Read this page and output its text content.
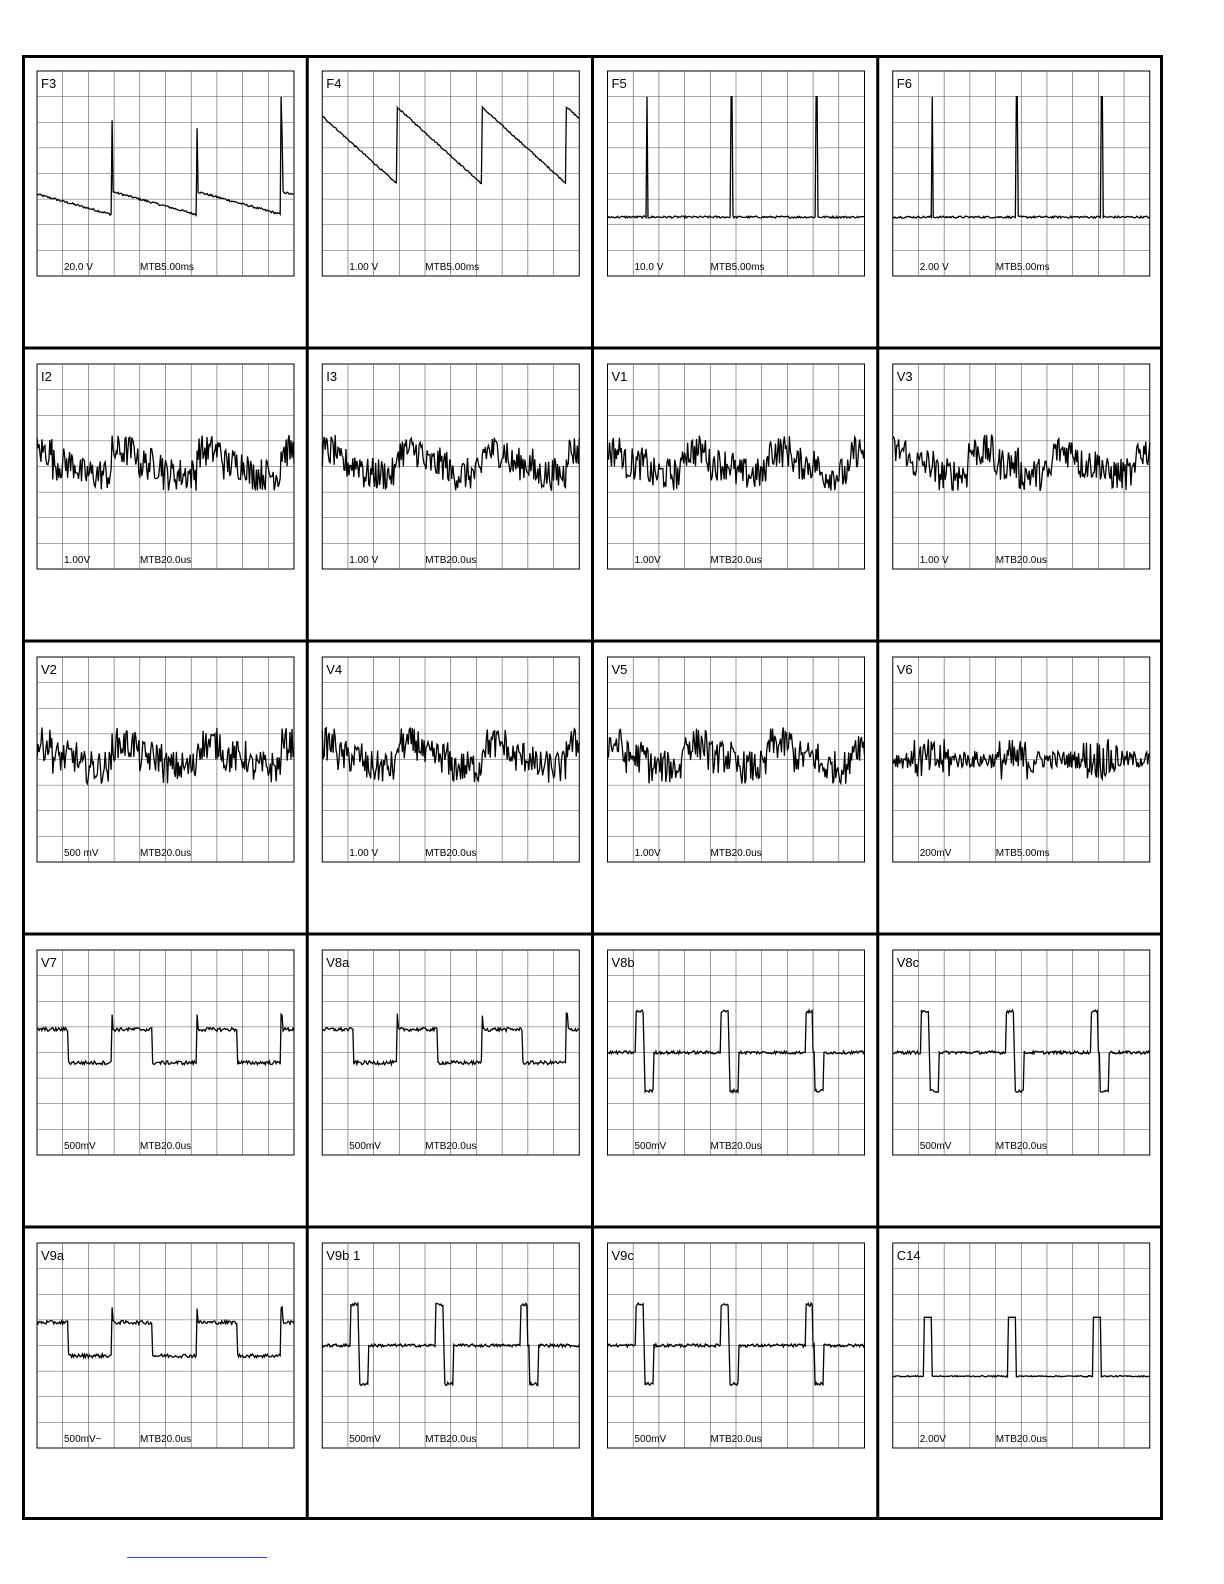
F3
20.0 V	MTB5.00ms
F4
1.00 V	MTB5.00ms
F5
10.0 V	MTB5.00ms
F6
2.00 V	MTB5.00ms
I2
1.00V	MTB20.0us
I3
1.00 V	MTB20.0us
V1
1.00V	MTB20.0us
V3
1.00 V	MTB20.0us
V2
500 mV	MTB20.0us
V4
1.00 V	MTB20.0us
V5
1.00V	MTB20.0us
V6
200mV	MTB5.00ms
V7
500mV	MTB20.0us
V8a
500mV	MTB20.0us
V8b
500mV	MTB20.0us
V8c
500mV	MTB20.0us
V9a
500mV~	MTB20.0us
V9b 1
500mV	MTB20.0us
V9c
500mV	MTB20.0us
C14
2.00V	MTB20.0us
